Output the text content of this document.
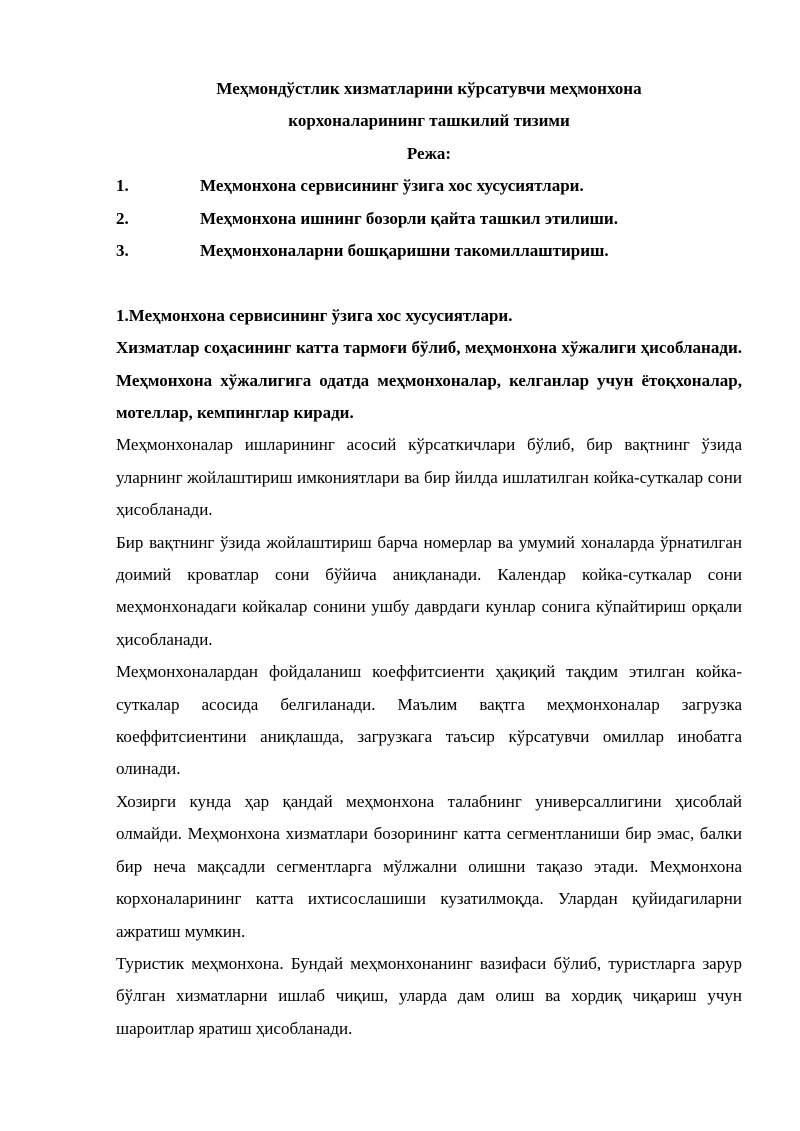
Меҳмондўстлик хизматларини кўрсатувчи меҳмонхона
корхоналарининг ташкилий тизими

Режа:

1.	Меҳмонхона сервисининг ўзига хос хусусиятлари.
2.	Меҳмонхона ишнинг бозорли қайта ташкил этилиши.
3.	Меҳмонхоналарни бошқаришни такомиллаштириш.

1.Меҳмонхона сервисининг ўзига хос хусусиятлари.

Хизматлар соҳасининг катта тармоғи бўлиб, меҳмонхона хўжалиги ҳисобланади. Меҳмонхона хўжалигига одатда меҳмонхоналар, келганлар учун ётоқхоналар, мотеллар, кемпинглар киради.

Меҳмонхоналар ишларининг асосий кўрсаткичлари бўлиб, бир вақтнинг ўзида уларнинг жойлаштириш имкониятлари ва бир йилда ишлатилган койка-суткалар сони ҳисобланади.

Бир вақтнинг ўзида жойлаштириш барча номерлар ва умумий хоналарда ўрнатилган доимий кроватлар сони бўйича аниқланади. Календар койка-суткалар сони меҳмонхонадаги койкалар сонини ушбу даврдаги кунлар сонига кўпайтириш орқали ҳисобланади.

Меҳмонхоналардан фойдаланиш коеффитсиенти ҳақиқий тақдим этилган койка-суткалар асосида белгиланади. Маълим вақтга меҳмонхоналар загрузка коеффитсиентини аниқлашда, загрузкага таъсир кўрсатувчи омиллар инобатга олинади.

Хозирги кунда ҳар қандай меҳмонхона талабнинг универсаллигини ҳисоблай олмайди. Меҳмонхона хизматлари бозорининг катта сегментланиши бир эмас, балки бир неча мақсадли сегментларга мўлжални олишни тақазо этади. Меҳмонхона корхоналарининг катта ихтисослашиши кузатилмоқда. Улардан қуйидагиларни ажратиш мумкин.

Туристик меҳмонхона. Бундай меҳмонхонанинг вазифаси бўлиб, туристларга зарур бўлган хизматларни ишлаб чиқиш, уларда дам олиш ва хордиқ чиқариш учун шароитлар яратиш ҳисобланади.
